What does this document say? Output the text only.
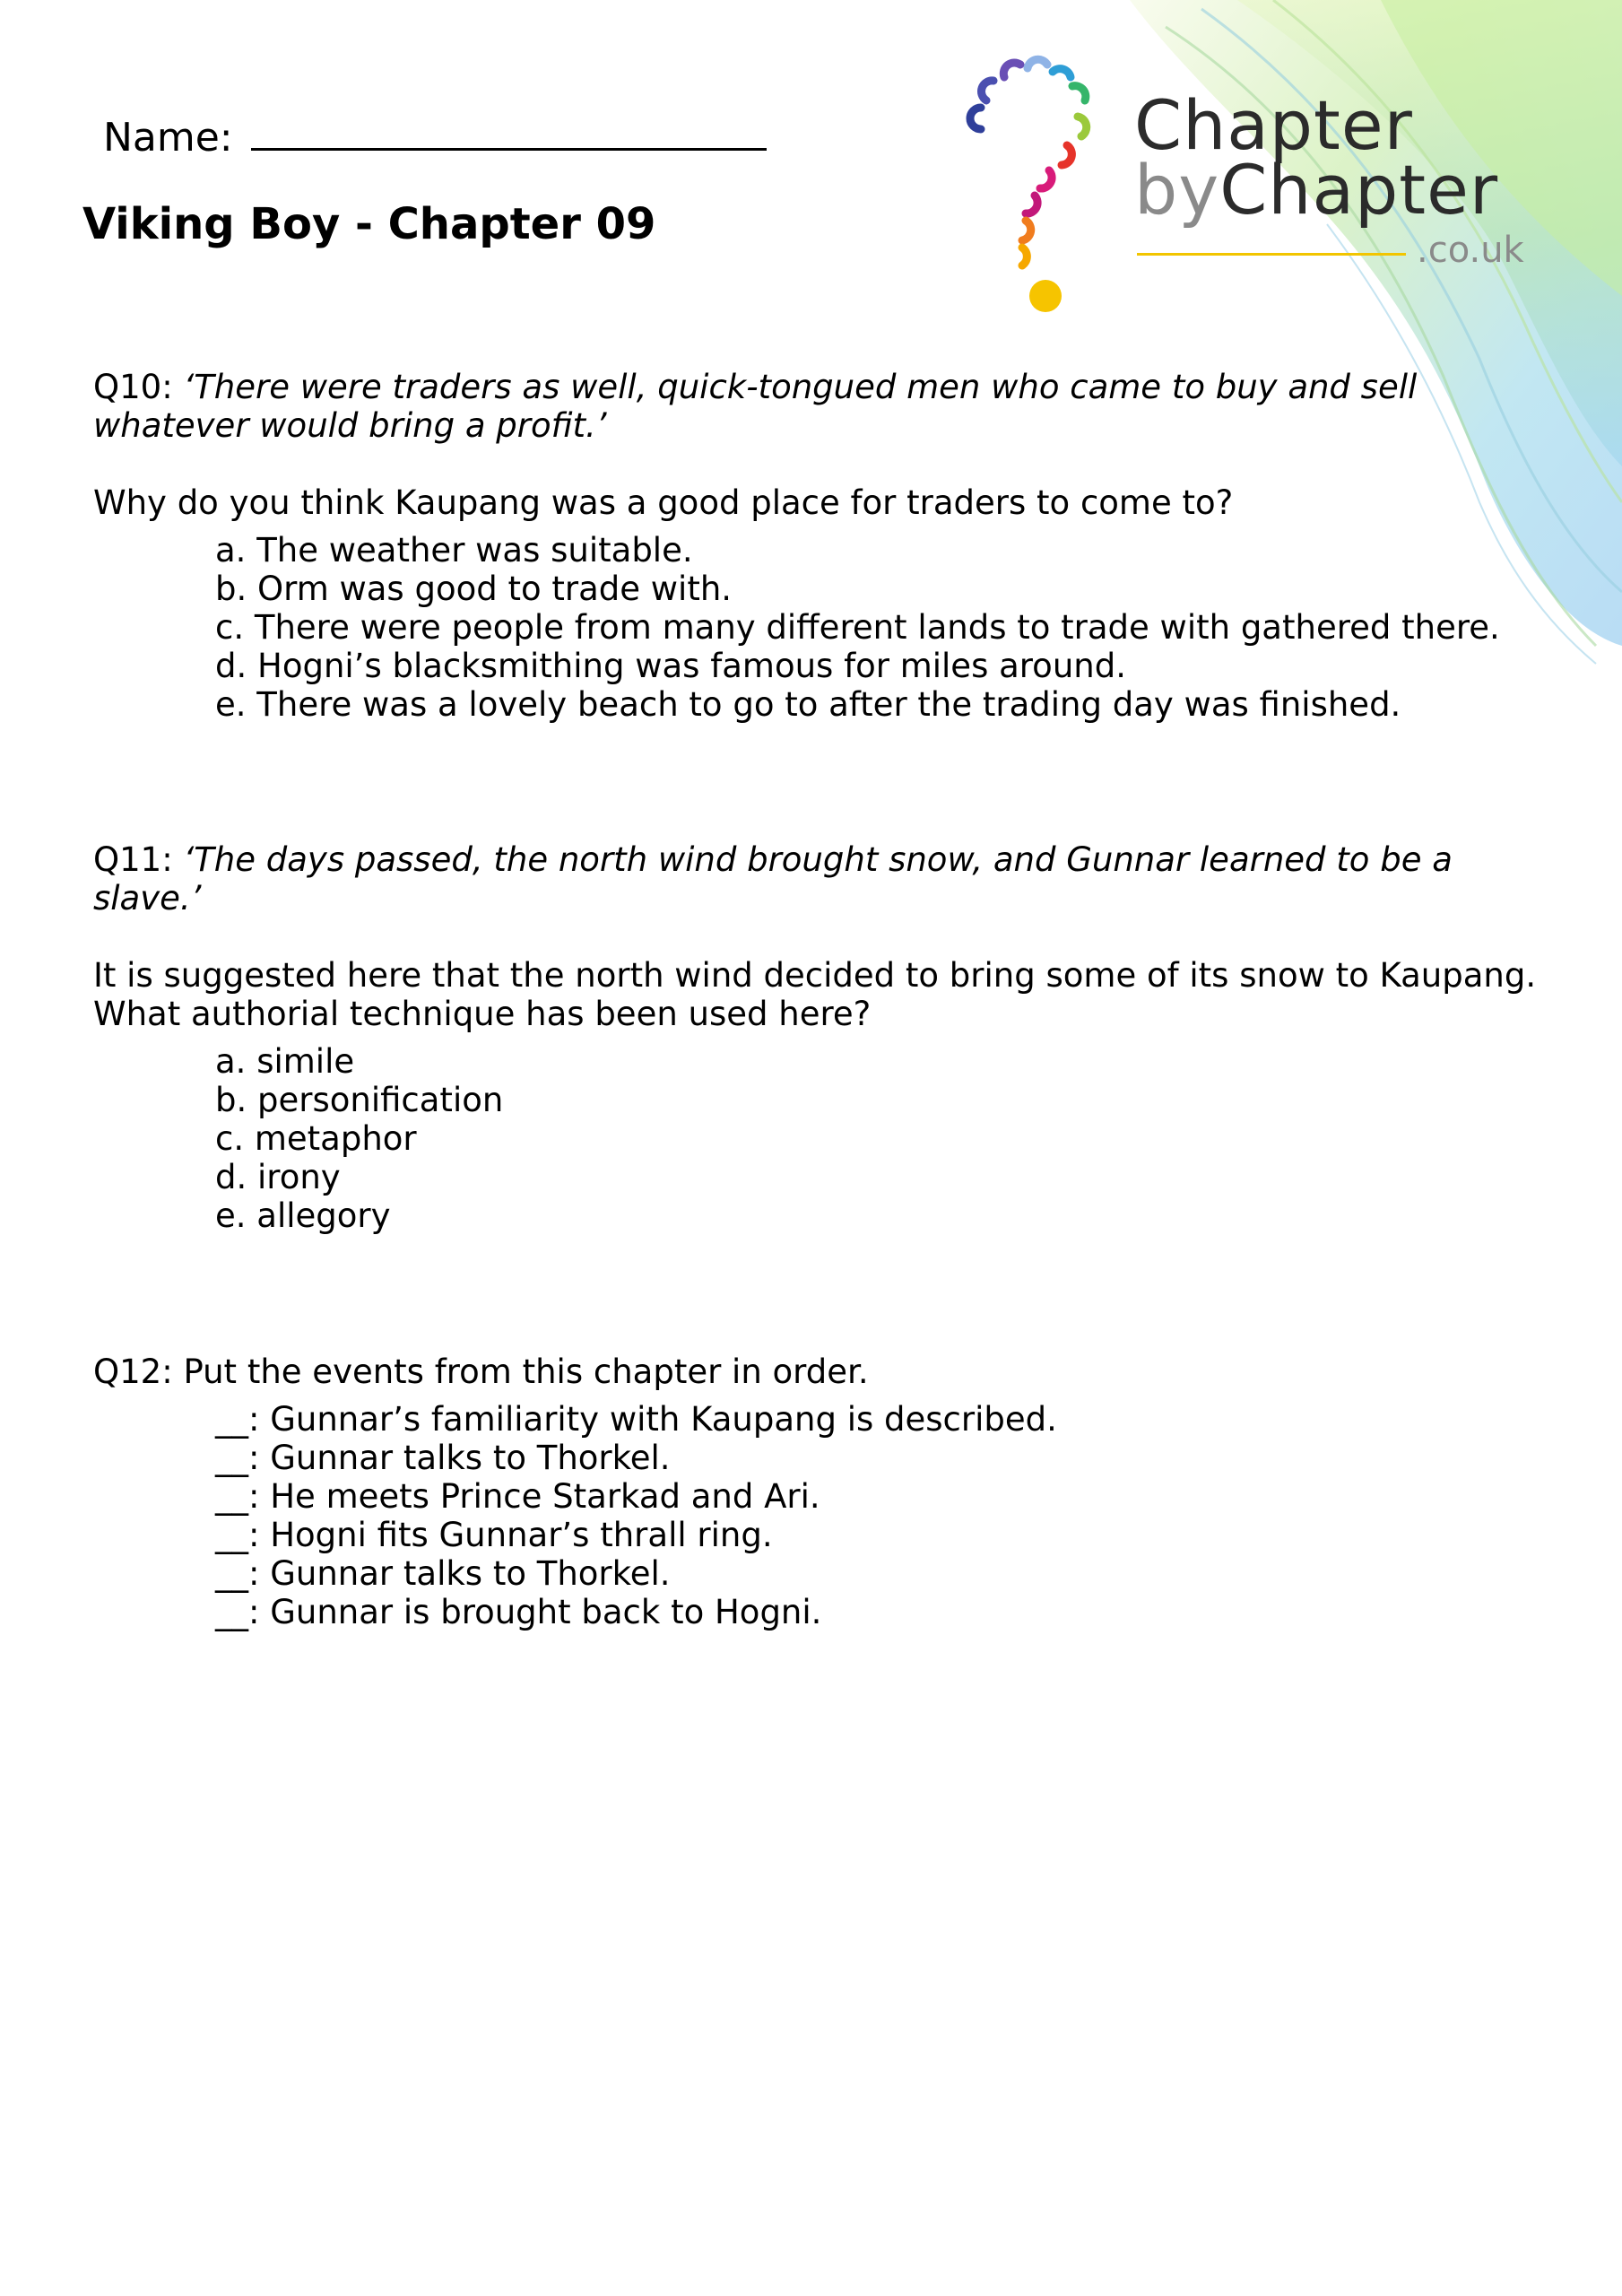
Chapter
byChapter
.co.uk
Name:
Viking Boy - Chapter 09

Q10: ‘There were traders as well, quick-tongued men who came to buy and sell whatever would bring a profit.’

Why do you think Kaupang was a good place for traders to come to?

a. The weather was suitable.
b. Orm was good to trade with.
c. There were people from many different lands to trade with gathered there.
d. Hogni’s blacksmithing was famous for miles around.
e. There was a lovely beach to go to after the trading day was finished.

Q11: ‘The days passed, the north wind brought snow, and Gunnar learned to be a slave.’

It is suggested here that the north wind decided to bring some of its snow to Kaupang. What authorial technique has been used here?

a. simile
b. personification
c. metaphor
d. irony
e. allegory

Q12: Put the events from this chapter in order.

__: Gunnar’s familiarity with Kaupang is described.
__: Gunnar talks to Thorkel.
__: He meets Prince Starkad and Ari.
__: Hogni fits Gunnar’s thrall ring.
__: Gunnar talks to Thorkel.
__: Gunnar is brought back to Hogni.
